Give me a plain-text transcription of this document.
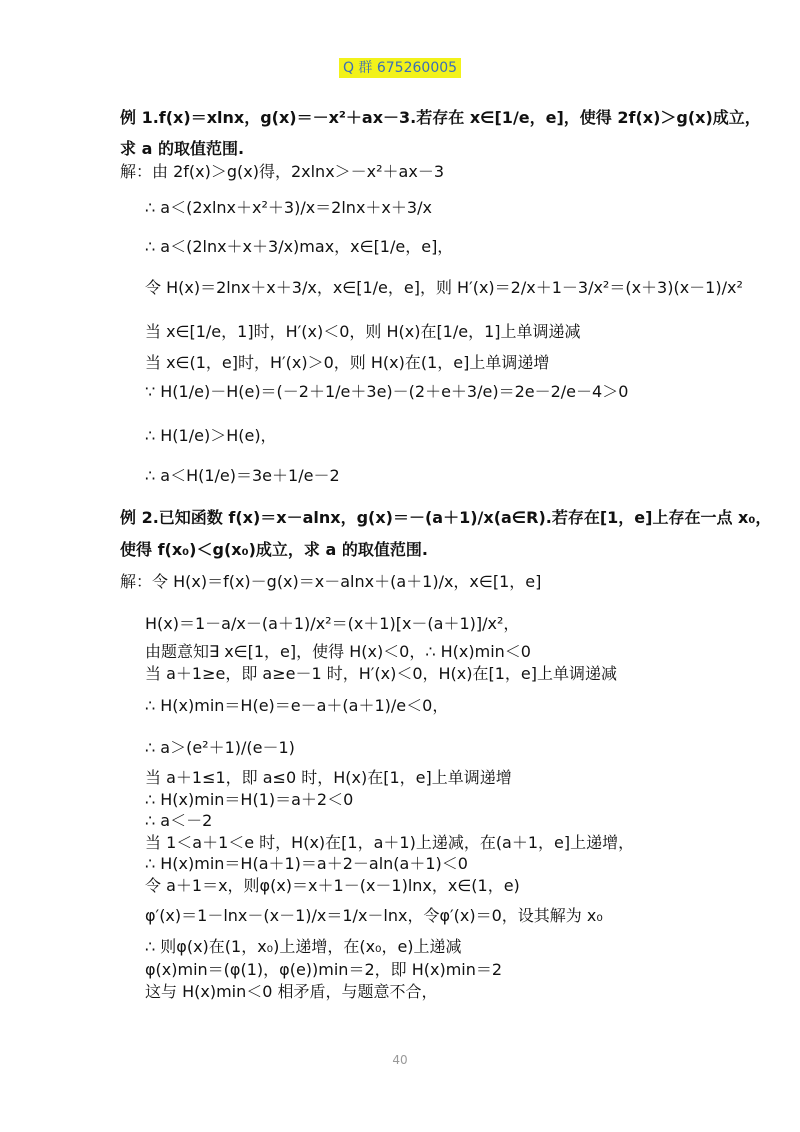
Q 群 675260005
例 1.f(x)＝xlnx，g(x)＝－x²＋ax－3.若存在 x∈[1/e，e]，使得 2f(x)＞g(x)成立，
求 a 的取值范围.
解：由 2f(x)＞g(x)得，2xlnx＞－x²＋ax－3
∴ a＜(2xlnx＋x²＋3)/x＝2lnx＋x＋3/x
∴ a＜(2lnx＋x＋3/x)max，x∈[1/e，e]，
令 H(x)＝2lnx＋x＋3/x，x∈[1/e，e]，则 H′(x)＝2/x＋1－3/x²＝(x＋3)(x－1)/x²
当 x∈[1/e，1]时，H′(x)＜0，则 H(x)在[1/e，1]上单调递减
当 x∈(1，e]时，H′(x)＞0，则 H(x)在(1，e]上单调递增
∵ H(1/e)－H(e)＝(－2＋1/e＋3e)－(2＋e＋3/e)＝2e－2/e－4＞0
∴ H(1/e)＞H(e)，
∴ a＜H(1/e)＝3e＋1/e－2
例 2.已知函数 f(x)＝x－alnx，g(x)＝－(a＋1)/x(a∈R).若存在[1，e]上存在一点 x₀，
使得 f(x₀)＜g(x₀)成立，求 a 的取值范围.
解：令 H(x)＝f(x)－g(x)＝x－alnx＋(a＋1)/x，x∈[1，e]
H(x)＝1－a/x－(a＋1)/x²＝(x＋1)[x－(a＋1)]/x²，
由题意知∃ x∈[1，e]，使得 H(x)＜0，∴ H(x)min＜0
当 a＋1≥e，即 a≥e－1 时，H′(x)＜0，H(x)在[1，e]上单调递减
∴ H(x)min＝H(e)＝e－a＋(a＋1)/e＜0，
∴ a＞(e²＋1)/(e－1)
当 a＋1≤1，即 a≤0 时，H(x)在[1，e]上单调递增
∴ H(x)min＝H(1)＝a＋2＜0
∴ a＜－2
当 1＜a＋1＜e 时，H(x)在[1，a＋1)上递减，在(a＋1，e]上递增，
∴ H(x)min＝H(a＋1)＝a＋2－aln(a＋1)＜0
令 a＋1＝x，则φ(x)＝x＋1－(x－1)lnx，x∈(1，e)
φ′(x)＝1－lnx－(x－1)/x＝1/x－lnx，令φ′(x)＝0，设其解为 x₀
∴ 则φ(x)在(1，x₀)上递增，在(x₀，e)上递减
φ(x)min＝(φ(1)，φ(e))min＝2，即 H(x)min＝2
这与 H(x)min＜0 相矛盾，与题意不合，
40
